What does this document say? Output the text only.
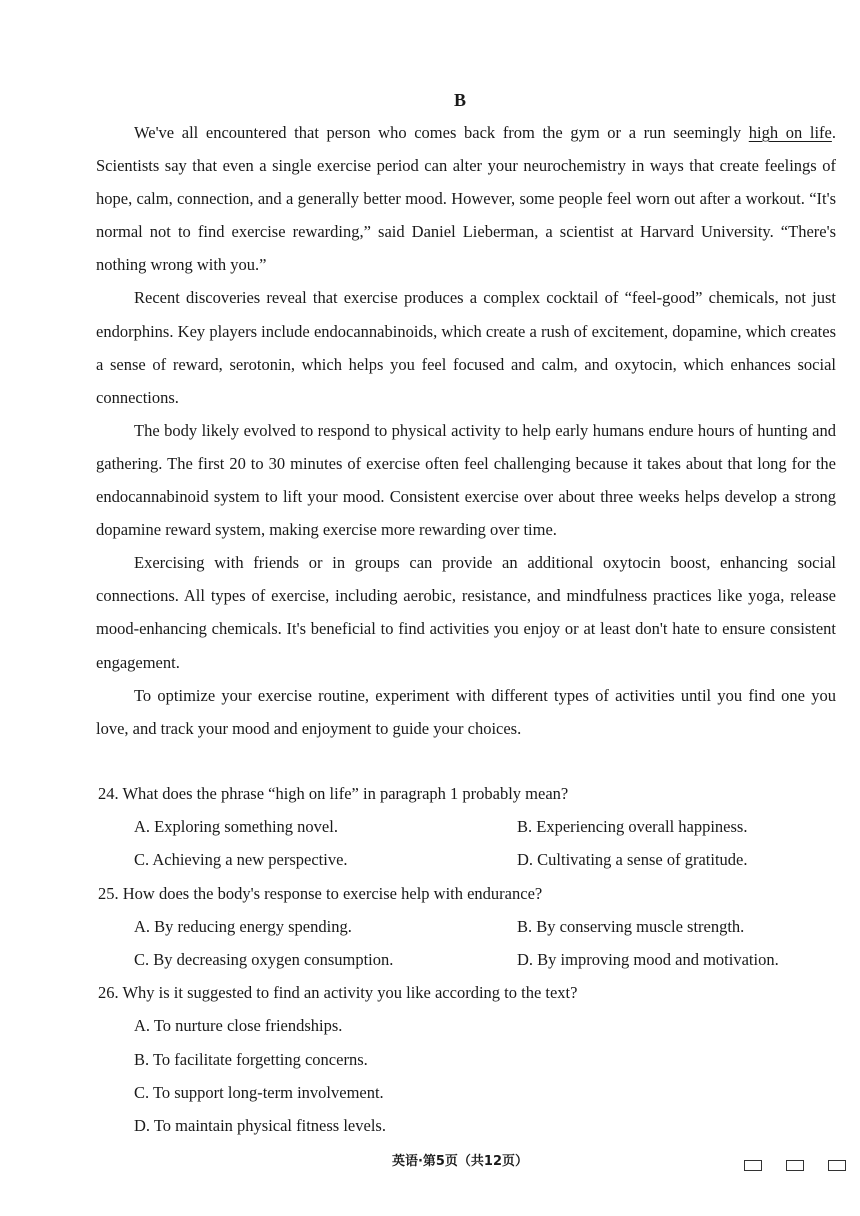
B

We've all encountered that person who comes back from the gym or a run seemingly high on life. Scientists say that even a single exercise period can alter your neurochemistry in ways that create feelings of hope, calm, connection, and a generally better mood. However, some people feel worn out after a workout. “It's normal not to find exercise rewarding,” said Daniel Lieberman, a scientist at Harvard University. “There's nothing wrong with you.”

Recent discoveries reveal that exercise produces a complex cocktail of “feel-good” chemicals, not just endorphins. Key players include endocannabinoids, which create a rush of excitement, dopamine, which creates a sense of reward, serotonin, which helps you feel focused and calm, and oxytocin, which enhances social connections.

The body likely evolved to respond to physical activity to help early humans endure hours of hunting and gathering. The first 20 to 30 minutes of exercise often feel challenging because it takes about that long for the endocannabinoid system to lift your mood. Consistent exercise over about three weeks helps develop a strong dopamine reward system, making exercise more rewarding over time.

Exercising with friends or in groups can provide an additional oxytocin boost, enhancing social connections. All types of exercise, including aerobic, resistance, and mindfulness practices like yoga, release mood-enhancing chemicals. It's beneficial to find activities you enjoy or at least don't hate to ensure consistent engagement.

To optimize your exercise routine, experiment with different types of activities until you find one you love, and track your mood and enjoyment to guide your choices.

24. What does the phrase “high on life” in paragraph 1 probably mean?
A. Exploring something novel.	B. Experiencing overall happiness.
C. Achieving a new perspective.	D. Cultivating a sense of gratitude.
25. How does the body's response to exercise help with endurance?
A. By reducing energy spending.	B. By conserving muscle strength.
C. By decreasing oxygen consumption.	D. By improving mood and motivation.
26. Why is it suggested to find an activity you like according to the text?
A. To nurture close friendships.
B. To facilitate forgetting concerns.
C. To support long-term involvement.
D. To maintain physical fitness levels.
英语·第5页（共12页）
